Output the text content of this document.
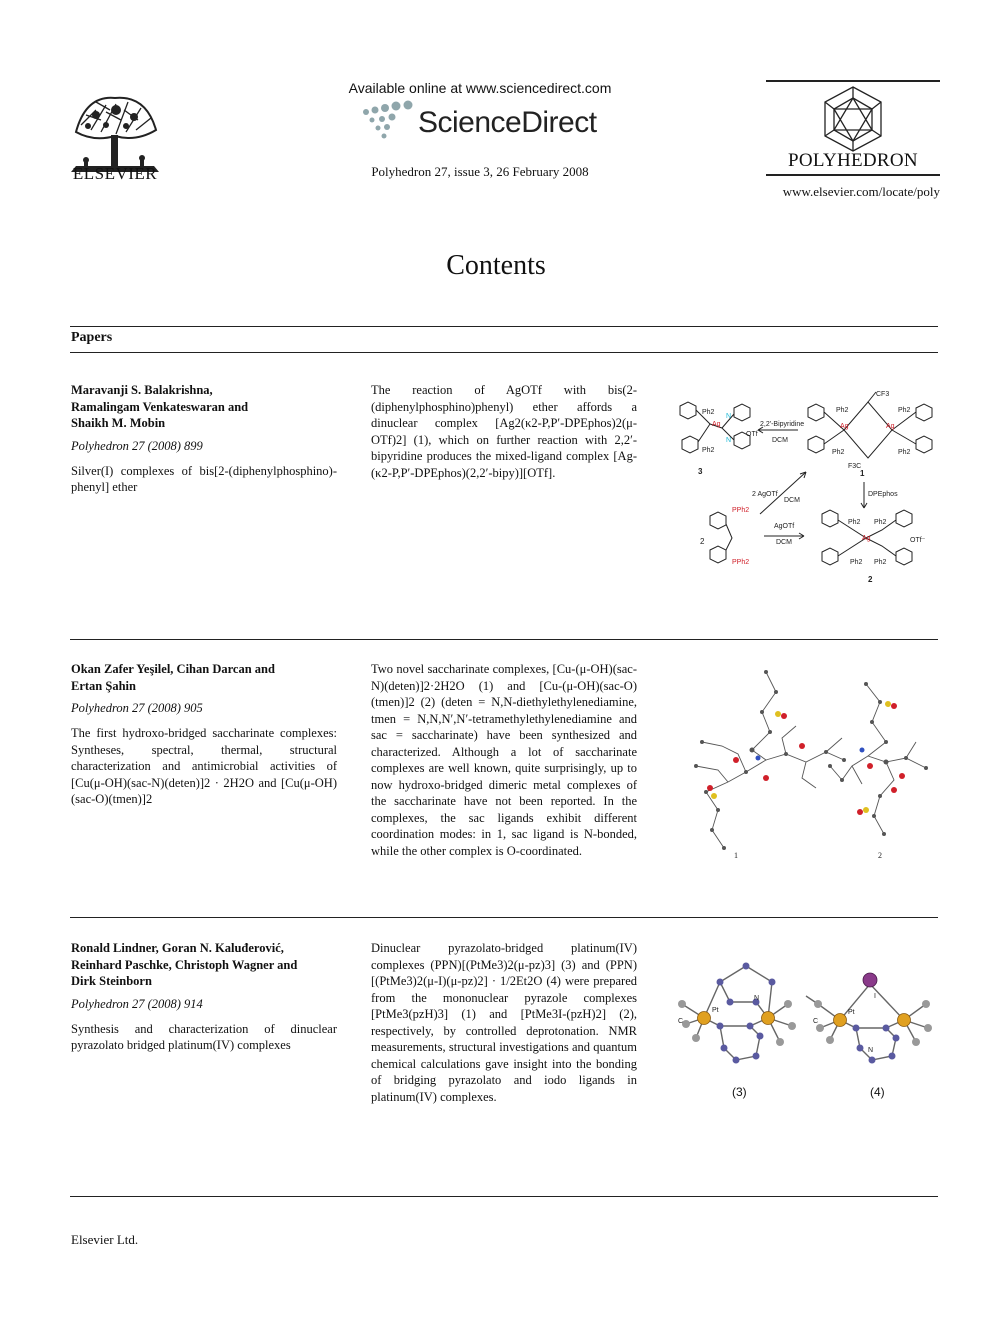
ELSEVIER
Available online at www.sciencedirect.com
ScienceDirect
Polyhedron 27, issue 3, 26 February 2008
POLYHEDRON
www.elsevier.com/locate/poly
Contents
Papers
Maravanji S. Balakrishna,
Ramalingam Venkateswaran and
Shaikh M. Mobin
Polyhedron 27 (2008) 899
Silver(I) complexes of bis[2-(diphenylphosphino)-phenyl] ether
The reaction of AgOTf with bis(2-(diphenylphosphino)phenyl) ether affords a dinuclear complex [Ag2(κ2-P,P′-DPEphos)2(μ-OTf)2] (1), which on further reaction with 2,2′-bipyridine produces the mixed-ligand complex [Ag-(κ2-P,P′-DPEphos)(2,2′-bipy)][OTf].
2,2'-Bipyridine
DCM
OTf
2 AgOTf
DCM
DPEphos
AgOTf
DCM	OTf⁻
CF3
F3C
Ph2
Ph2
Ph2
Ph2
Ph2
Ph2
Ph2 Ph2
Ph2 Ph2
3	1
2
2
Ag	Ag	Ag
Ag
PPh2
PPh2
N
N
Okan Zafer Yeşilel, Cihan Darcan and
Ertan Şahin
Polyhedron 27 (2008) 905
The first hydroxo-bridged saccharinate complexes: Syntheses, spectral, thermal, structural characterization and antimicrobial activities of [Cu(μ-OH)(sac-N)(deten)]2 · 2H2O and [Cu(μ-OH)(sac-O)(tmen)]2
Two novel saccharinate complexes, [Cu-(μ-OH)(sac-N)(deten)]2·2H2O (1) and [Cu-(μ-OH)(sac-O)(tmen)]2 (2) (deten = N,N-diethylethylenediamine, tmen = N,N,N′,N′-tetramethylethylenediamine and sac = saccharinate) have been synthesized and characterized. Although a lot of saccharinate complexes are well known, quite surprisingly, up to now hydroxo-bridged dimeric metal complexes of the saccharinate have not been reported. In the complexes, the sac ligands exhibit different coordination modes: in 1, sac ligand is N-bonded, while the other complex is O-coordinated.	1	2
Ronald Lindner, Goran N. Kaluđerović,
Reinhard Paschke, Christoph Wagner and
Dirk Steinborn
Polyhedron 27 (2008) 914
Synthesis and characterization of dinuclear pyrazolato bridged platinum(IV) complexes
Dinuclear pyrazolato-bridged platinum(IV) complexes (PPN)[(PtMe3)2(μ-pz)3] (3) and (PPN)[(PtMe3)2(μ-I)(μ-pz)2] · 1/2Et2O (4) were prepared from the mononuclear pyrazole complexes [PtMe3(pzH)3] (1) and [PtMe3I-(pzH)2] (2), respectively, by controlled deprotonation. NMR measurements, structural investigations and quantum chemical calculations gave insight into the bonding of bridging pyrazolato and iodo ligands in platinum(IV) complexes.
Pt	Pt
N
N
C	C
I
(3)	(4)
Elsevier Ltd.
